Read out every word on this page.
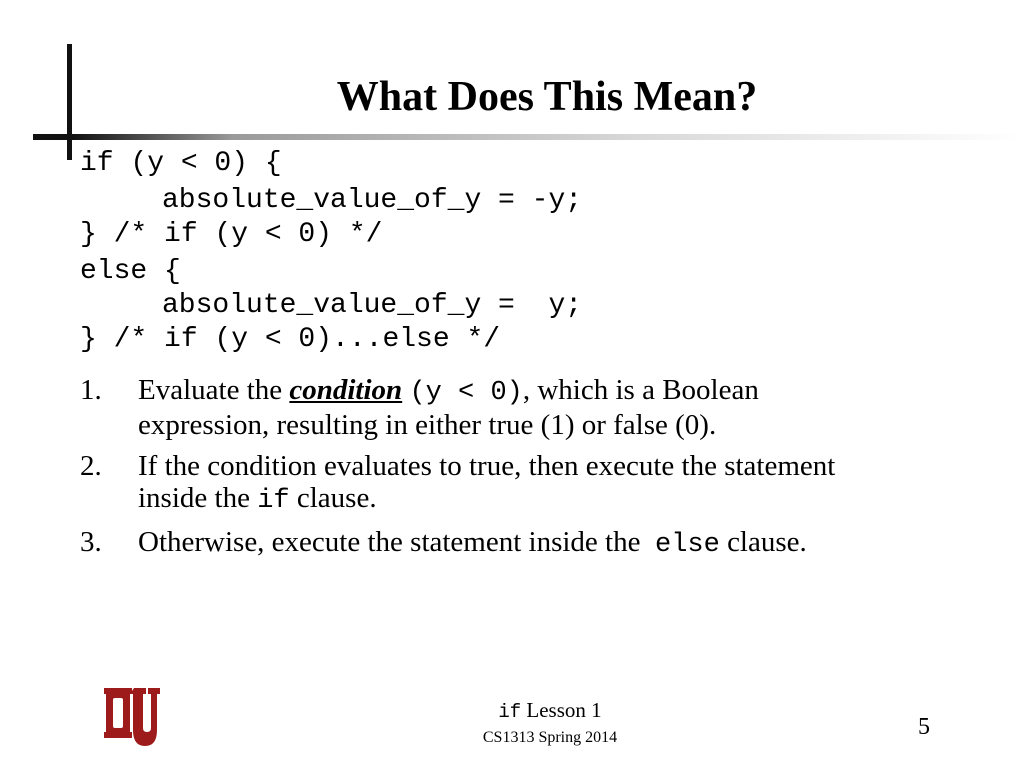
What Does This Mean?
if (y < 0) {
absolute_value_of_y = -y;
} /* if (y < 0) */
else {
absolute_value_of_y =  y;
} /* if (y < 0)...else */
1. Evaluate the condition (y < 0), which is a Boolean expression, resulting in either true (1) or false (0).
2. If the condition evaluates to true, then execute the statement inside the if clause.
3. Otherwise, execute the statement inside the  else clause.
if Lesson 1
CS1313 Spring 2014	5
